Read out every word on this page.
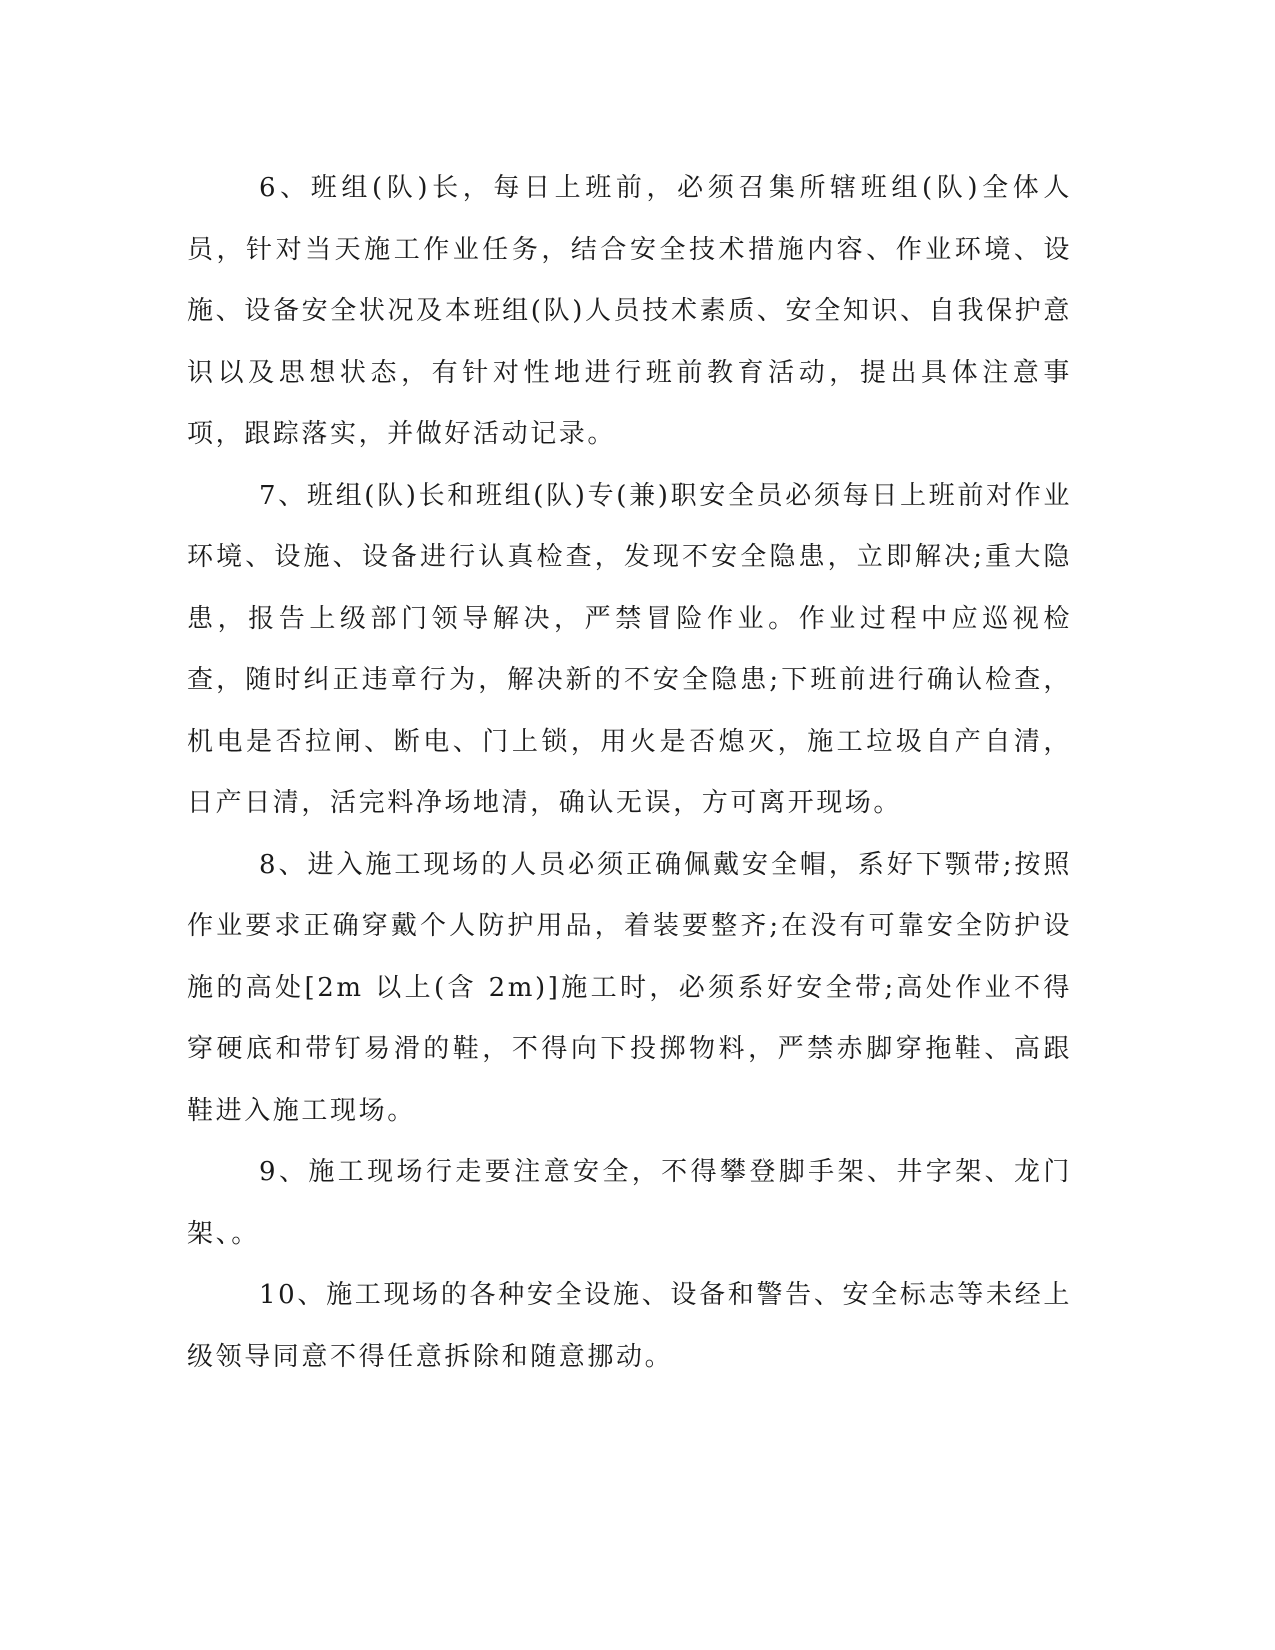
6、班组(队)长，每日上班前，必须召集所辖班组(队)全体人员，针对当天施工作业任务，结合安全技术措施内容、作业环境、设施、设备安全状况及本班组(队)人员技术素质、安全知识、自我保护意识以及思想状态，有针对性地进行班前教育活动，提出具体注意事项，跟踪落实，并做好活动记录。

7、班组(队)长和班组(队)专(兼)职安全员必须每日上班前对作业环境、设施、设备进行认真检查，发现不安全隐患，立即解决;重大隐患，报告上级部门领导解决，严禁冒险作业。作业过程中应巡视检查，随时纠正违章行为，解决新的不安全隐患;下班前进行确认检查，机电是否拉闸、断电、门上锁，用火是否熄灭，施工垃圾自产自清，日产日清，活完料净场地清，确认无误，方可离开现场。

8、进入施工现场的人员必须正确佩戴安全帽，系好下颚带;按照作业要求正确穿戴个人防护用品，着装要整齐;在没有可靠安全防护设施的高处[2m 以上(含 2m)]施工时，必须系好安全带;高处作业不得穿硬底和带钉易滑的鞋，不得向下投掷物料，严禁赤脚穿拖鞋、高跟鞋进入施工现场。

9、施工现场行走要注意安全，不得攀登脚手架、井字架、龙门架、。

10、施工现场的各种安全设施、设备和警告、安全标志等未经上级领导同意不得任意拆除和随意挪动。
